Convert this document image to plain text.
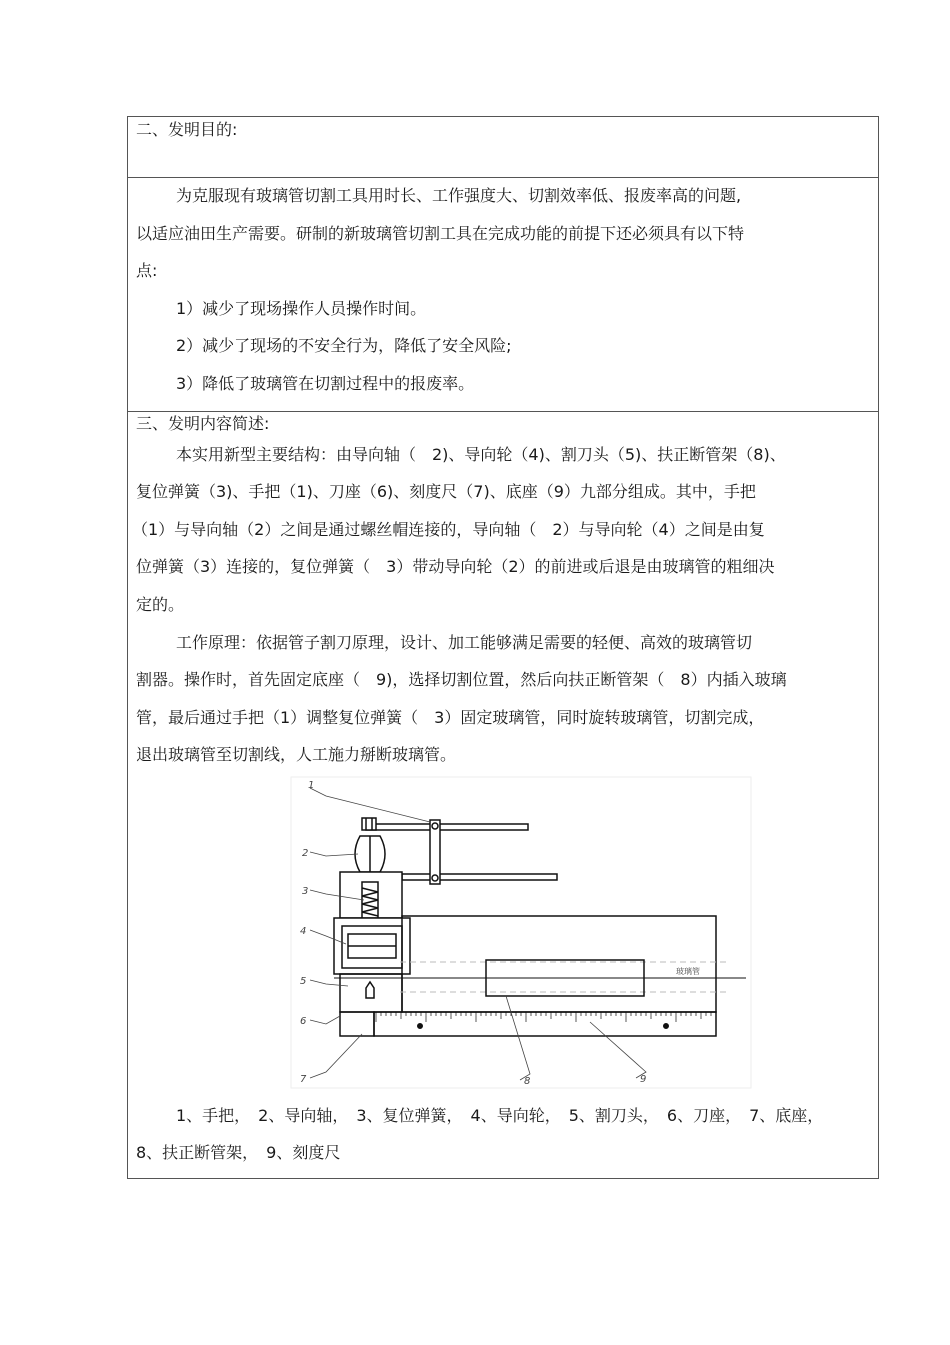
二、发明目的:
为克服现有玻璃管切割工具用时长、工作强度大、切割效率低、报废率高的问题,
以适应油田生产需要。研制的新玻璃管切割工具在完成功能的前提下还必须具有以下特
点:
1）减少了现场操作人员操作时间。
2）减少了现场的不安全行为，降低了安全风险;
3）降低了玻璃管在切割过程中的报废率。
三、发明内容简述:
本实用新型主要结构：由导向轴（　2)、导向轮（4)、割刀头（5)、扶正断管架（8)、
复位弹簧（3)、手把（1)、刀座（6)、刻度尺（7)、底座（9）九部分组成。其中，手把
（1）与导向轴（2）之间是通过螺丝帽连接的，导向轴（　2）与导向轮（4）之间是由复
位弹簧（3）连接的，复位弹簧（　3）带动导向轮（2）的前进或后退是由玻璃管的粗细决
定的。
工作原理：依据管子割刀原理，设计、加工能够满足需要的轻便、高效的玻璃管切
割器。操作时，首先固定底座（　9)，选择切割位置，然后向扶正断管架（　8）内插入玻璃
管，最后通过手把（1）调整复位弹簧（　3）固定玻璃管，同时旋转玻璃管，切割完成，
退出玻璃管至切割线，人工施力掰断玻璃管。
1
2
3
4
5
6
7	8	9
玻璃管
1、手把，　2、导向轴，　3、复位弹簧，　4、导向轮，　5、割刀头，　6、刀座，　7、底座，
8、扶正断管架，　9、刻度尺
